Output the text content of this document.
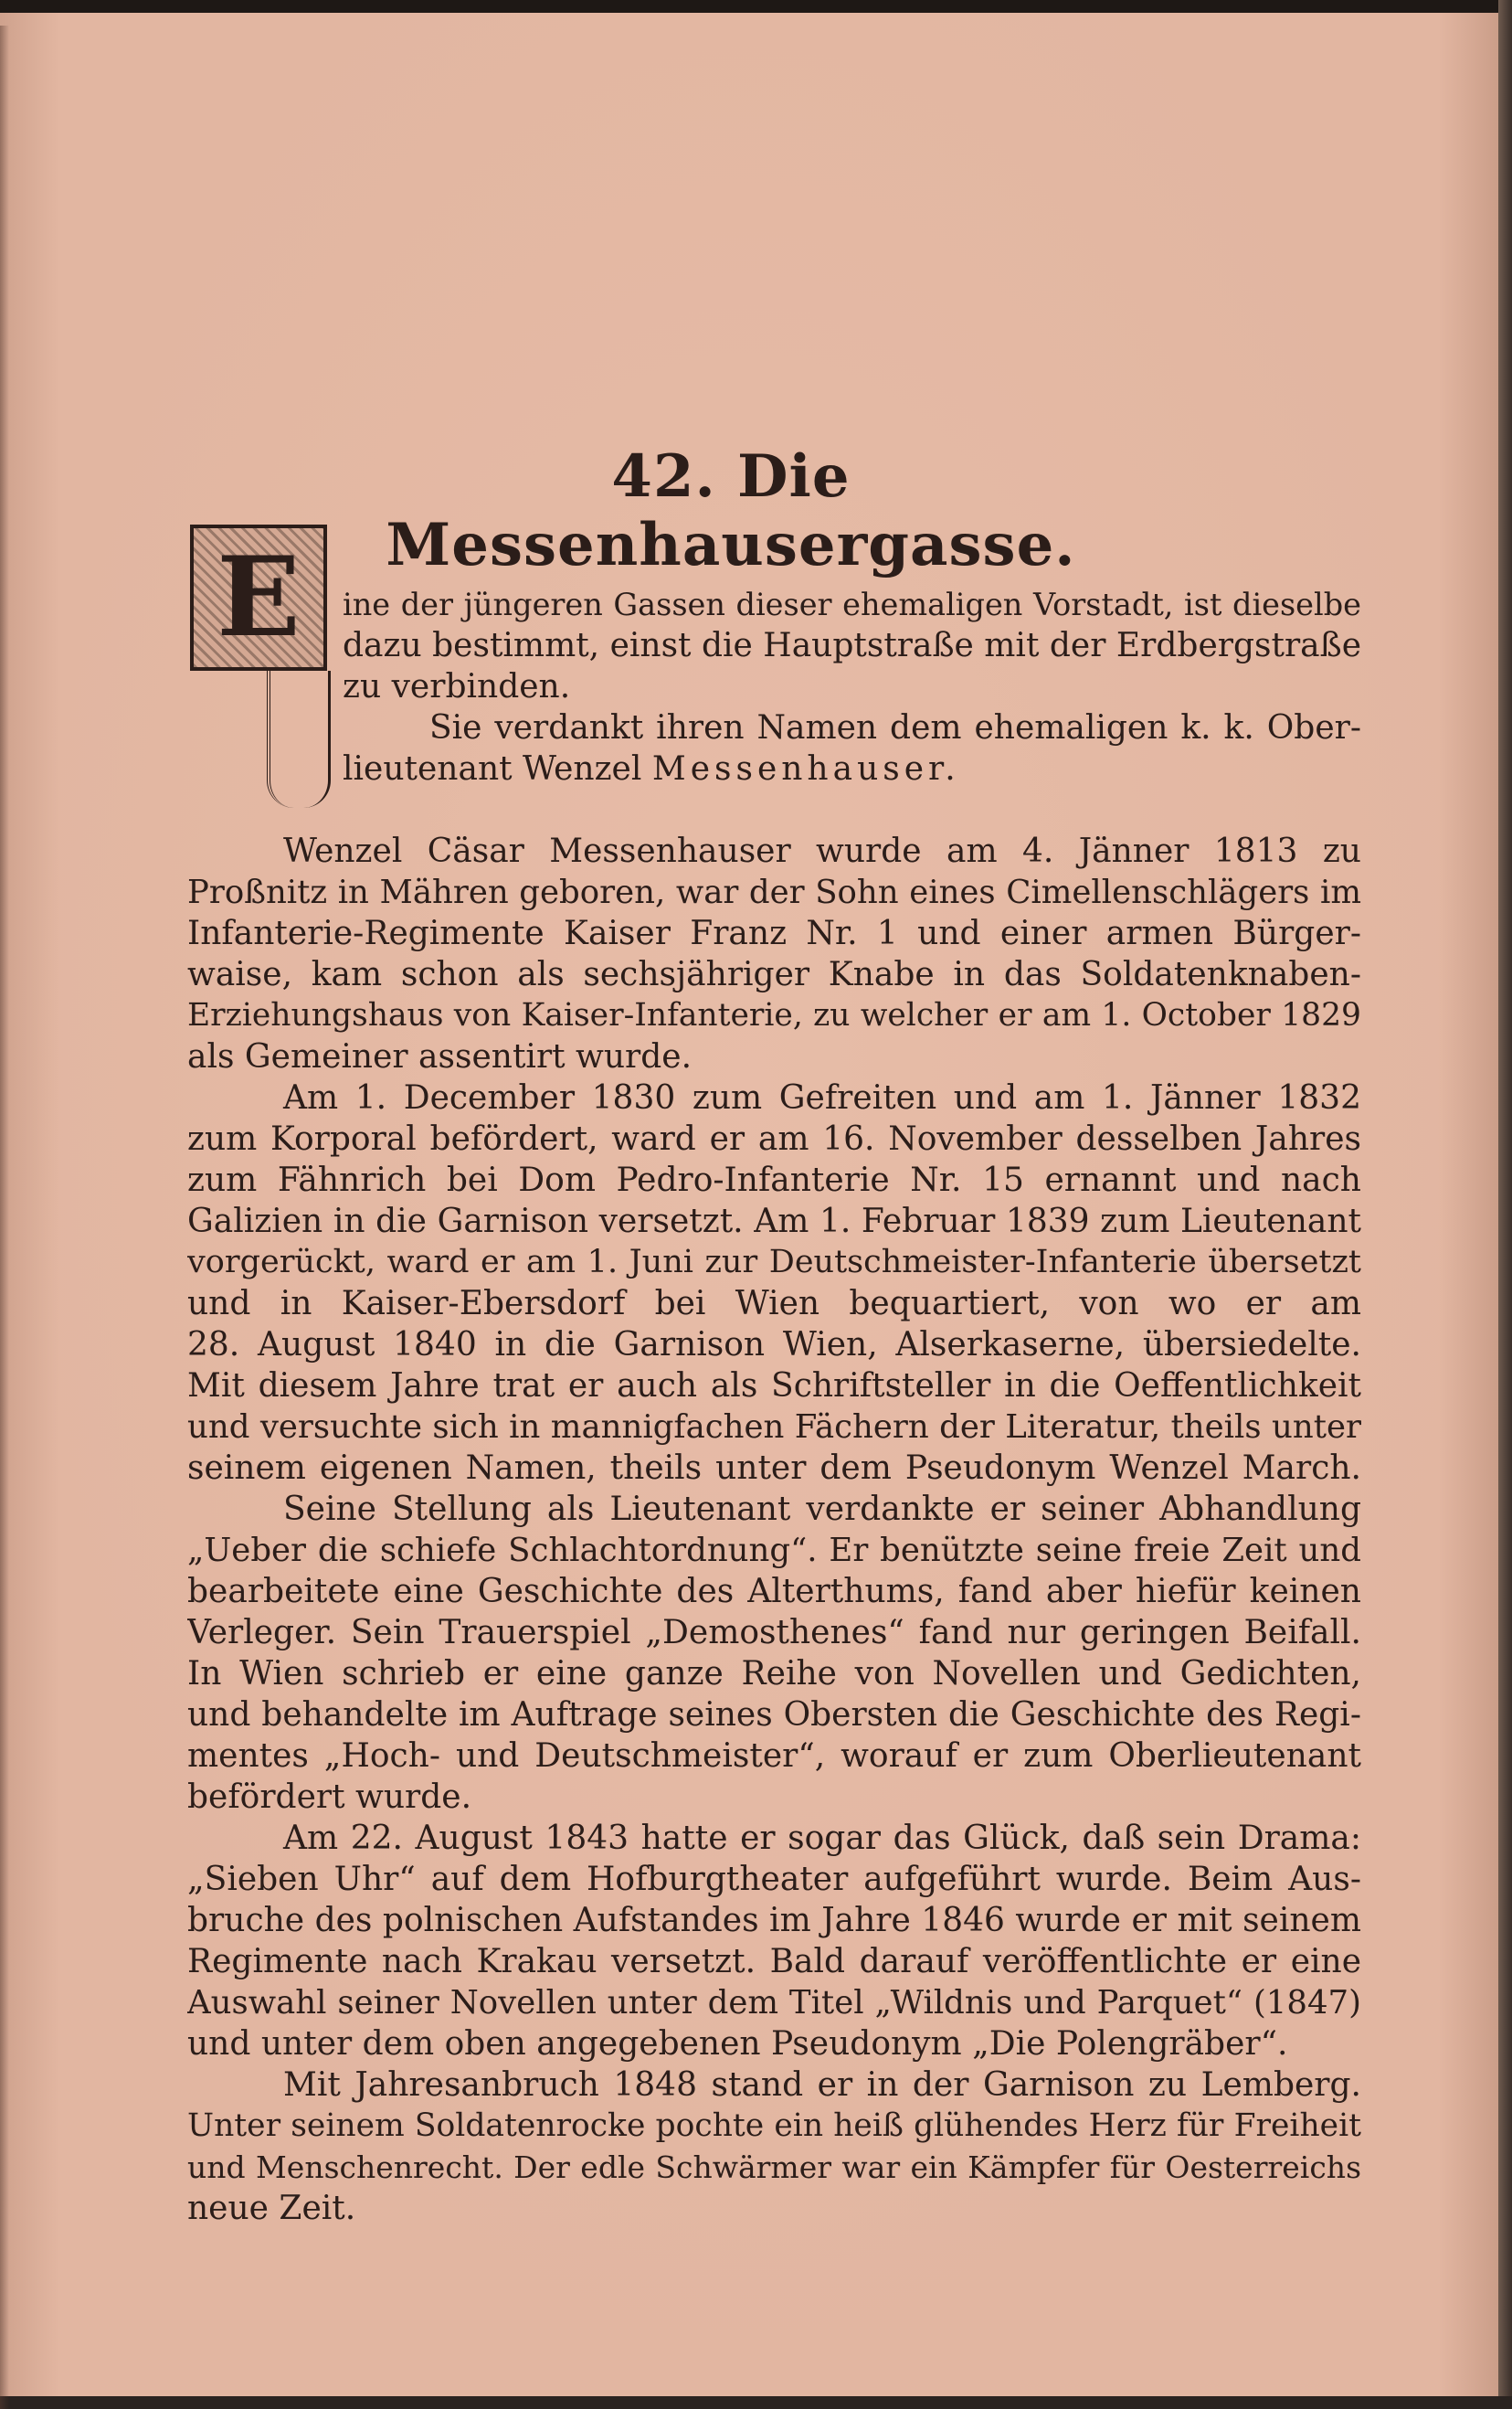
42. Die Messenhausergasse.
E	ine der jüngeren Gassen dieser ehemaligen Vorstadt, ist dieselbe
dazu bestimmt, einst die Hauptstraße mit der Erdbergstraße
zu verbinden.
Sie verdankt ihren Namen dem ehemaligen k. k. Ober-
lieutenant Wenzel Messenhauser.
Wenzel Cäsar Messenhauser wurde am 4. Jänner 1813 zu
Proßnitz in Mähren geboren, war der Sohn eines Cimellenschlägers im
Infanterie-Regimente Kaiser Franz Nr. 1 und einer armen Bürger-
waise, kam schon als sechsjähriger Knabe in das Soldatenknaben-
Erziehungshaus von Kaiser-Infanterie, zu welcher er am 1. October 1829
als Gemeiner assentirt wurde.
Am 1. December 1830 zum Gefreiten und am 1. Jänner 1832
zum Korporal befördert, ward er am 16. November desselben Jahres
zum Fähnrich bei Dom Pedro-Infanterie Nr. 15 ernannt und nach
Galizien in die Garnison versetzt. Am 1. Februar 1839 zum Lieutenant
vorgerückt, ward er am 1. Juni zur Deutschmeister-Infanterie übersetzt
und in Kaiser-Ebersdorf bei Wien bequartiert, von wo er am
28. August 1840 in die Garnison Wien, Alserkaserne, übersiedelte.
Mit diesem Jahre trat er auch als Schriftsteller in die Oeffentlichkeit
und versuchte sich in mannigfachen Fächern der Literatur, theils unter
seinem eigenen Namen, theils unter dem Pseudonym Wenzel March.
Seine Stellung als Lieutenant verdankte er seiner Abhandlung
„Ueber die schiefe Schlachtordnung“. Er benützte seine freie Zeit und
bearbeitete eine Geschichte des Alterthums, fand aber hiefür keinen
Verleger. Sein Trauerspiel „Demosthenes“ fand nur geringen Beifall.
In Wien schrieb er eine ganze Reihe von Novellen und Gedichten,
und behandelte im Auftrage seines Obersten die Geschichte des Regi-
mentes „Hoch- und Deutschmeister“, worauf er zum Oberlieutenant
befördert wurde.
Am 22. August 1843 hatte er sogar das Glück, daß sein Drama:
„Sieben Uhr“ auf dem Hofburgtheater aufgeführt wurde. Beim Aus-
bruche des polnischen Aufstandes im Jahre 1846 wurde er mit seinem
Regimente nach Krakau versetzt. Bald darauf veröffentlichte er eine
Auswahl seiner Novellen unter dem Titel „Wildnis und Parquet“ (1847)
und unter dem oben angegebenen Pseudonym „Die Polengräber“.
Mit Jahresanbruch 1848 stand er in der Garnison zu Lemberg.
Unter seinem Soldatenrocke pochte ein heiß glühendes Herz für Freiheit
und Menschenrecht. Der edle Schwärmer war ein Kämpfer für Oesterreichs
neue Zeit.
